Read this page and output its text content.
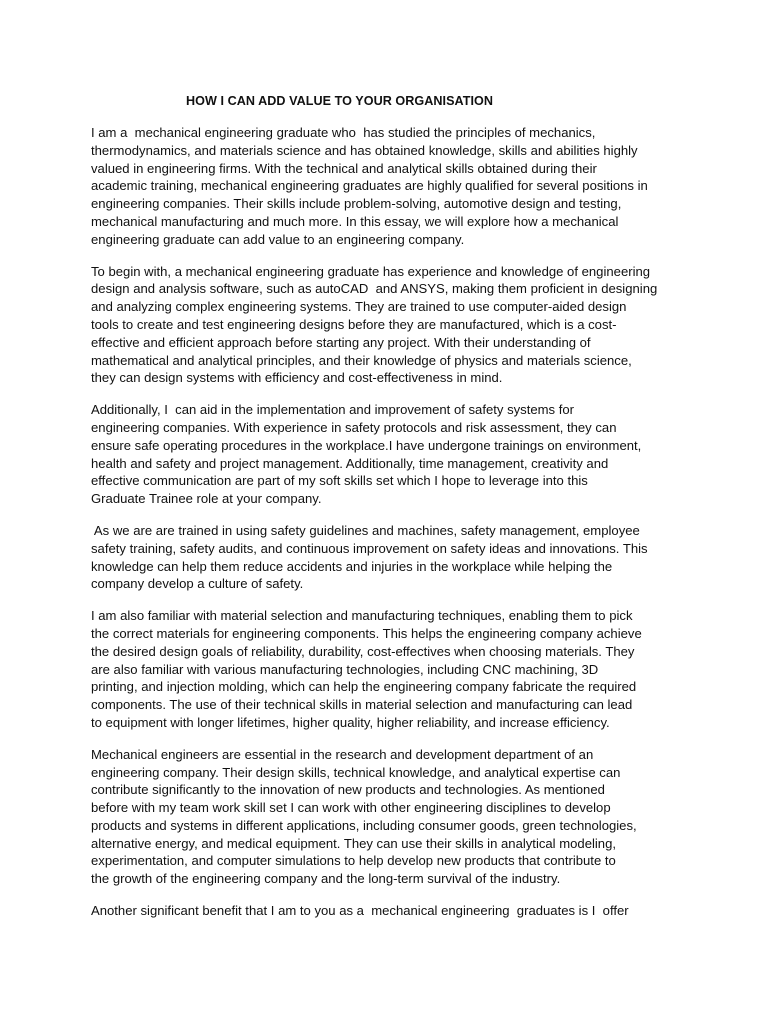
HOW I CAN ADD VALUE TO YOUR ORGANISATION
I am a  mechanical engineering graduate who  has studied the principles of mechanics,
thermodynamics, and materials science and has obtained knowledge, skills and abilities highly
valued in engineering firms. With the technical and analytical skills obtained during their
academic training, mechanical engineering graduates are highly qualified for several positions in
engineering companies. Their skills include problem-solving, automotive design and testing,
mechanical manufacturing and much more. In this essay, we will explore how a mechanical
engineering graduate can add value to an engineering company.
To begin with, a mechanical engineering graduate has experience and knowledge of engineering
design and analysis software, such as autoCAD  and ANSYS, making them proficient in designing
and analyzing complex engineering systems. They are trained to use computer-aided design
tools to create and test engineering designs before they are manufactured, which is a cost-
effective and efficient approach before starting any project. With their understanding of
mathematical and analytical principles, and their knowledge of physics and materials science,
they can design systems with efficiency and cost-effectiveness in mind.
Additionally, I  can aid in the implementation and improvement of safety systems for
engineering companies. With experience in safety protocols and risk assessment, they can
ensure safe operating procedures in the workplace.I have undergone trainings on environment,
health and safety and project management. Additionally, time management, creativity and
effective communication are part of my soft skills set which I hope to leverage into this
Graduate Trainee role at your company.
As we are are trained in using safety guidelines and machines, safety management, employee
safety training, safety audits, and continuous improvement on safety ideas and innovations. This
knowledge can help them reduce accidents and injuries in the workplace while helping the
company develop a culture of safety.
I am also familiar with material selection and manufacturing techniques, enabling them to pick
the correct materials for engineering components. This helps the engineering company achieve
the desired design goals of reliability, durability, cost-effectives when choosing materials. They
are also familiar with various manufacturing technologies, including CNC machining, 3D
printing, and injection molding, which can help the engineering company fabricate the required
components. The use of their technical skills in material selection and manufacturing can lead
to equipment with longer lifetimes, higher quality, higher reliability, and increase efficiency.
Mechanical engineers are essential in the research and development department of an
engineering company. Their design skills, technical knowledge, and analytical expertise can
contribute significantly to the innovation of new products and technologies. As mentioned
before with my team work skill set I can work with other engineering disciplines to develop
products and systems in different applications, including consumer goods, green technologies,
alternative energy, and medical equipment. They can use their skills in analytical modeling,
experimentation, and computer simulations to help develop new products that contribute to
the growth of the engineering company and the long-term survival of the industry.
Another significant benefit that I am to you as a  mechanical engineering  graduates is I  offer
